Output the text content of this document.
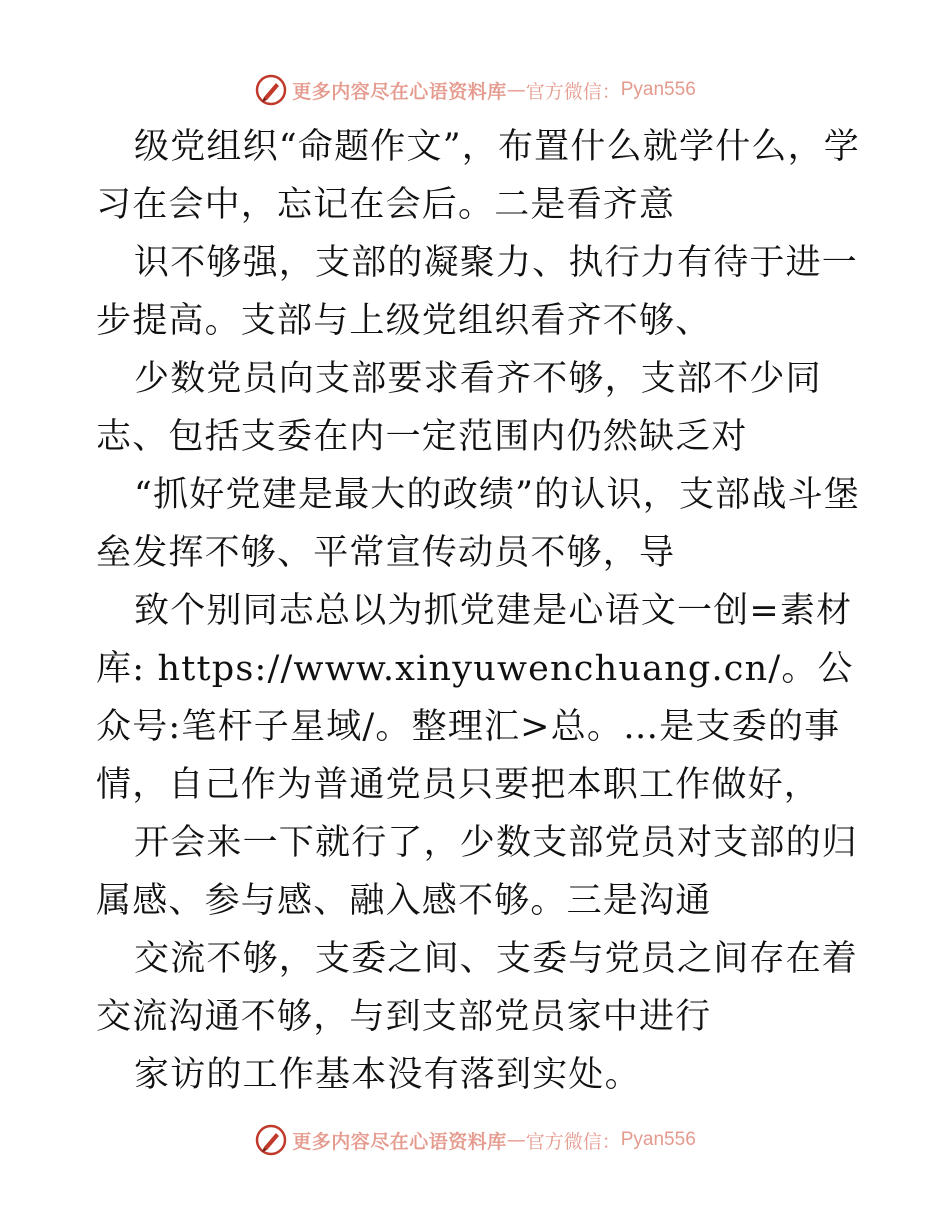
更多内容尽在心语资料库 — 官方微信： Pyan556

级党组织“命题作文”，布置什么就学什么，学习在会中，忘记在会后。二是看齐意

识不够强，支部的凝聚力、执行力有待于进一步提高。支部与上级党组织看齐不够、

少数党员向支部要求看齐不够，支部不少同志、包括支委在内一定范围内仍然缺乏对

“抓好党建是最大的政绩”的认识，支部战斗堡垒发挥不够、平常宣传动员不够，导

致个别同志总以为抓党建是心语文一创=素材库: https://www.xinyuwenchuang.cn/。公众号:笔杆子星域/。整理汇>总。…是支委的事情，自己作为普通党员只要把本职工作做好，

开会来一下就行了，少数支部党员对支部的归属感、参与感、融入感不够。三是沟通

交流不够，支委之间、支委与党员之间存在着交流沟通不够，与到支部党员家中进行

家访的工作基本没有落到实处。

更多内容尽在心语资料库 — 官方微信： Pyan556
